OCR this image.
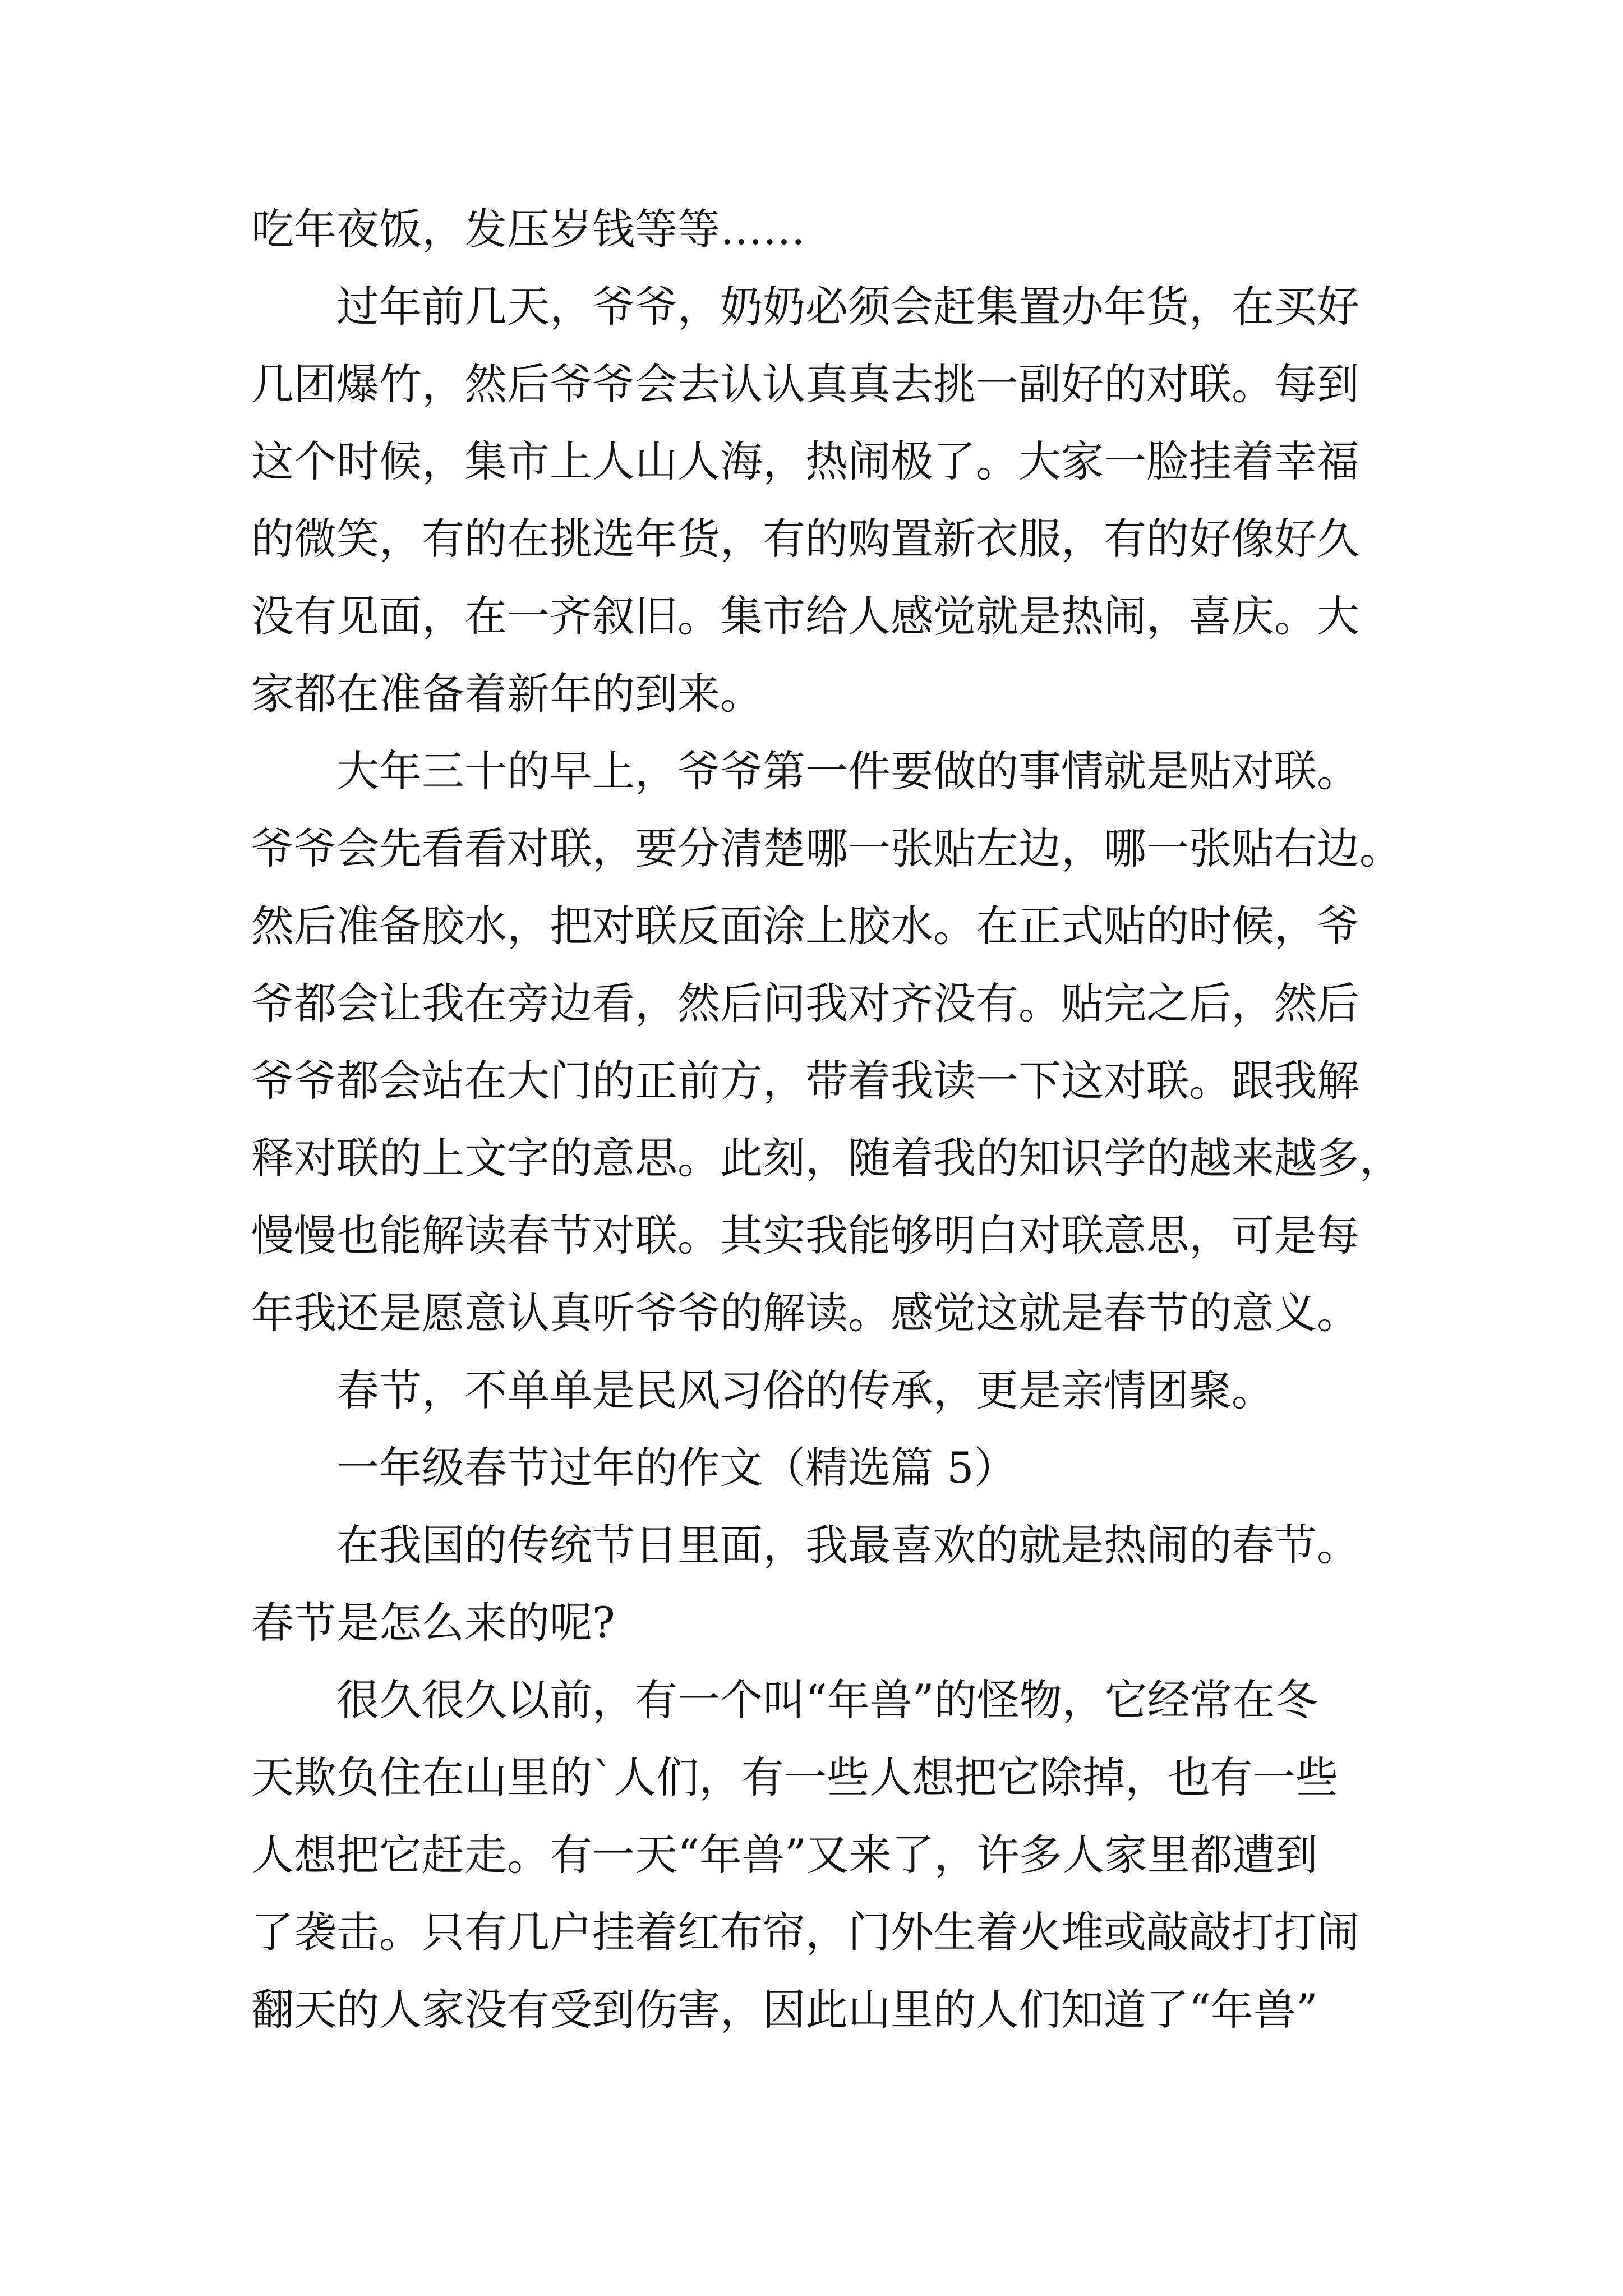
吃年夜饭，发压岁钱等等……
过年前几天，爷爷，奶奶必须会赶集置办年货，在买好
几团爆竹，然后爷爷会去认认真真去挑一副好的对联。每到
这个时候，集市上人山人海，热闹极了。大家一脸挂着幸福
的微笑，有的在挑选年货，有的购置新衣服，有的好像好久
没有见面，在一齐叙旧。集市给人感觉就是热闹，喜庆。大
家都在准备着新年的到来。
大年三十的早上，爷爷第一件要做的事情就是贴对联。
爷爷会先看看对联，要分清楚哪一张贴左边，哪一张贴右边。
然后准备胶水，把对联反面涂上胶水。在正式贴的时候，爷
爷都会让我在旁边看，然后问我对齐没有。贴完之后，然后
爷爷都会站在大门的正前方，带着我读一下这对联。跟我解
释对联的上文字的意思。此刻，随着我的知识学的越来越多，
慢慢也能解读春节对联。其实我能够明白对联意思，可是每
年我还是愿意认真听爷爷的解读。感觉这就是春节的意义。
春节，不单单是民风习俗的传承，更是亲情团聚。
一年级春节过年的作文（精选篇 5）
在我国的传统节日里面，我最喜欢的就是热闹的春节。
春节是怎么来的呢?
很久很久以前，有一个叫“年兽”的怪物，它经常在冬
天欺负住在山里的`人们，有一些人想把它除掉，也有一些
人想把它赶走。有一天“年兽”又来了，许多人家里都遭到
了袭击。只有几户挂着红布帘，门外生着火堆或敲敲打打闹
翻天的人家没有受到伤害，因此山里的人们知道了“年兽”
